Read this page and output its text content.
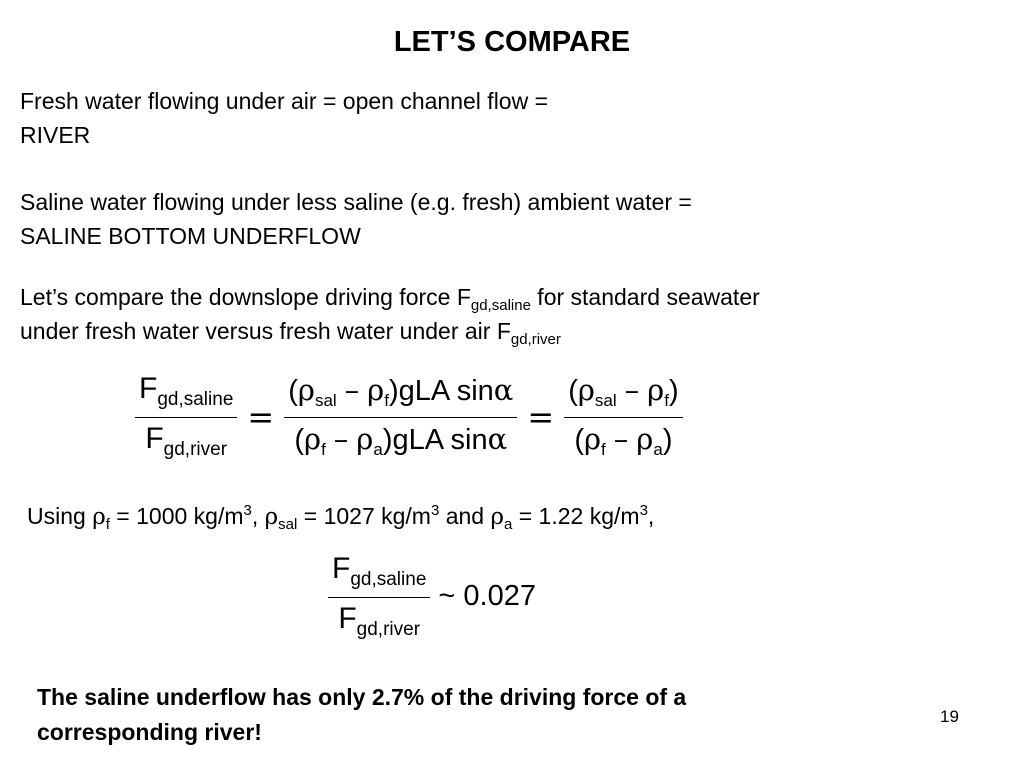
LET’S COMPARE
Fresh water flowing under air = open channel flow =
RIVER
Saline water flowing under less saline (e.g. fresh) ambient water =
SALINE BOTTOM UNDERFLOW
Let’s compare the downslope driving force $F_{gd,saline}$ for standard seawater
under fresh water versus fresh water under air $F_{gd,river}$
$\frac{\text{Fgd,saline}}{\text{Fgd,river}} = \frac{(\rho_{sal} - \rho_f)gLA \sin\alpha}{(\rho_f - \rho_a)gLA \sin\alpha} = \frac{(\rho_{sal} - \rho_f)}{(\rho_f - \rho_a)}$
Using $\rho_f = 1000$ $kg/m^3$, $\rho_{sal} = 1027$ $kg/m^3$ and $\rho_a = 1.22$ $kg/m^3$,
$\frac{\text{Fgd,saline}}{\text{Fgd,river}}$ ~ 0.027
The saline underflow has only 2.7% of the driving force of a
corresponding river!
19
